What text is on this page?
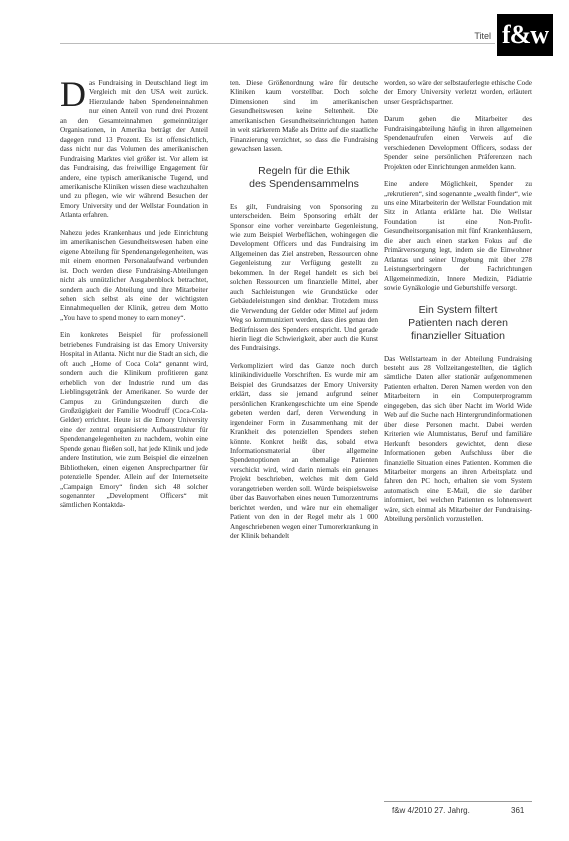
Titel f&w

Das Fundraising in Deutschland liegt im Vergleich mit den USA weit zurück. Hierzulande haben Spendeneinnahmen nur einen Anteil von rund drei Prozent an den Gesamteinnahmen gemeinnütziger Organisationen, in Amerika beträgt der Anteil dagegen rund 13 Prozent. Es ist offensichtlich, dass nicht nur das Volumen des amerikanischen Fundraising Marktes viel größer ist. Vor allem ist das Fundraising, das freiwillige Engagement für andere, eine typisch amerikanische Tugend, und amerikanische Kliniken wissen diese wachzuhalten und zu pflegen, wie wir während Besuchen der Emory University und der Wellstar Foundation in Atlanta erfahren.

Nahezu jedes Krankenhaus und jede Einrichtung im amerikanischen Gesundheitswesen haben eine eigene Abteilung für Spendenangelegenheiten, was mit einem enormen Personalaufwand verbunden ist. Doch werden diese Fundraising-Abteilungen nicht als unnützlicher Ausgabenblock betrachtet, sondern auch die Abteilung und ihre Mitarbeiter sehen sich selbst als eine der wichtigsten Einnahmequellen der Klinik, getreu dem Motto „You have to spend money to earn money“.

Ein konkretes Beispiel für professionell betriebenes Fundraising ist das Emory University Hospital in Atlanta. Nicht nur die Stadt an sich, die oft auch „Home of Coca Cola“ genannt wird, sondern auch die Klinikum profitieren ganz erheblich von der Industrie rund um das Lieblingsgetränk der Amerikaner. So wurde der Campus zu Gründungszeiten durch die Großzügigkeit der Familie Woodruff (Coca-Cola-Gelder) errichtet. Heute ist die Emory University eine der zentral organisierte Aufbaustruktur für Spendenangelegenheiten zu nachdem, wohin eine Spende genau fließen soll, hat jede Klinik und jede andere Institution, wie zum Beispiel die einzelnen Bibliotheken, einen eigenen Ansprechpartner für potenzielle Spender. Allein auf der Internetseite „Campaign Emory“ finden sich 48 solcher sogenannter „Development Officers“ mit sämtlichen Kontaktda-

ten. Diese Größenordnung wäre für deutsche Kliniken kaum vorstellbar. Doch solche Dimensionen sind im amerikanischen Gesundheitswesen keine Seltenheit. Die amerikanischen Gesundheitseinrichtungen hatten in weit stärkerem Maße als Dritte auf die staatliche Finanzierung verzichtet, so dass die Fundraising gewachsen lassen.

Regeln für die Ethik
des Spendensammelns

Es gilt, Fundraising von Sponsoring zu unterscheiden. Beim Sponsoring erhält der Sponsor eine vorher vereinbarte Gegenleistung, wie zum Beispiel Werbeflächen, wohingegen die Development Officers und das Fundraising im Allgemeinen das Ziel anstreben, Ressourcen ohne Gegenleistung zur Verfügung gestellt zu bekommen. In der Regel handelt es sich bei solchen Ressourcen um finanzielle Mittel, aber auch Sachleistungen wie Grundstücke oder Gebäudeleistungen sind denkbar. Trotzdem muss die Verwendung der Gelder oder Mittel auf jedem Weg so kommuniziert werden, dass dies genau den Bedürfnissen des Spenders entspricht. Und gerade hierin liegt die Schwierigkeit, aber auch die Kunst des Fundraisings.

Verkompliziert wird das Ganze noch durch klinikindividuelle Vorschriften. Es wurde mir am Beispiel des Grundsatzes der Emory University erklärt, dass sie jemand aufgrund seiner persönlichen Krankengeschichte um eine Spende gebeten werden darf, deren Verwendung in irgendeiner Form in Zusammenhang mit der Krankheit des potenziellen Spenders stehen könnte. Konkret heißt das, sobald etwa Informationsmaterial über allgemeine Spendenoptionen an ehemalige Patienten verschickt wird, wird darin niemals ein genaues Projekt beschrieben, welches mit dem Geld vorangetrieben werden soll. Würde beispielsweise über das Bauvorhaben eines neuen Tumorzentrums berichtet werden, und wäre nur ein ehemaliger Patient von den in der Regel mehr als 1 000 Angeschriebenen wegen einer Tumorerkrankung in der Klinik behandelt

worden, so wäre der selbstauferlegte ethische Code der Emory University verletzt worden, erläutert unser Gesprächspartner.

Darum gehen die Mitarbeiter des Fundraisingabteilung häufig in ihren allgemeinen Spendenaufrufen einen Verweis auf die verschiedenen Development Officers, sodass der Spender seine persönlichen Präferenzen nach Projekten oder Einrichtungen anmelden kann.

Eine andere Möglichkeit, Spender zu „rekrutieren“, sind sogenannte „wealth finder“, wie uns eine Mitarbeiterin der Wellstar Foundation mit Sitz in Atlanta erklärte hat. Die Wellstar Foundation ist eine Non-Profit-Gesundheitsorganisation mit fünf Krankenhäusern, die aber auch einen starken Fokus auf die Primärversorgung legt, indem sie die Einwohner Atlantas und seiner Umgebung mit über 278 Leistungserbringern der Fachrichtungen Allgemeinmedizin, Innere Medizin, Pädiatrie sowie Gynäkologie und Geburtshilfe versorgt.

Ein System filtert
Patienten nach deren
finanzieller Situation

Das Wellstarteam in der Abteilung Fundraising besteht aus 28 Vollzeitangestellten, die täglich sämtliche Daten aller stationär aufgenommenen Patienten erhalten. Deren Namen werden von den Mitarbeitern in ein Computerprogramm eingegeben, das sich über Nacht im World Wide Web auf die Suche nach Hintergrundinformationen über diese Personen macht. Dabei werden Kriterien wie Alumnistatus, Beruf und familiäre Herkunft besonders gewichtet, denn diese Informationen geben Aufschluss über die finanzielle Situation eines Patienten. Kommen die Mitarbeiter morgens an ihren Arbeitsplatz und fahren den PC hoch, erhalten sie vom System automatisch eine E-Mail, die sie darüber informiert, bei welchen Patienten es lohnenswert wäre, sich einmal als Mitarbeiter der Fundraising-Abteilung persönlich vorzustellen.

f&w 4/2010 27. Jahrg.	361
